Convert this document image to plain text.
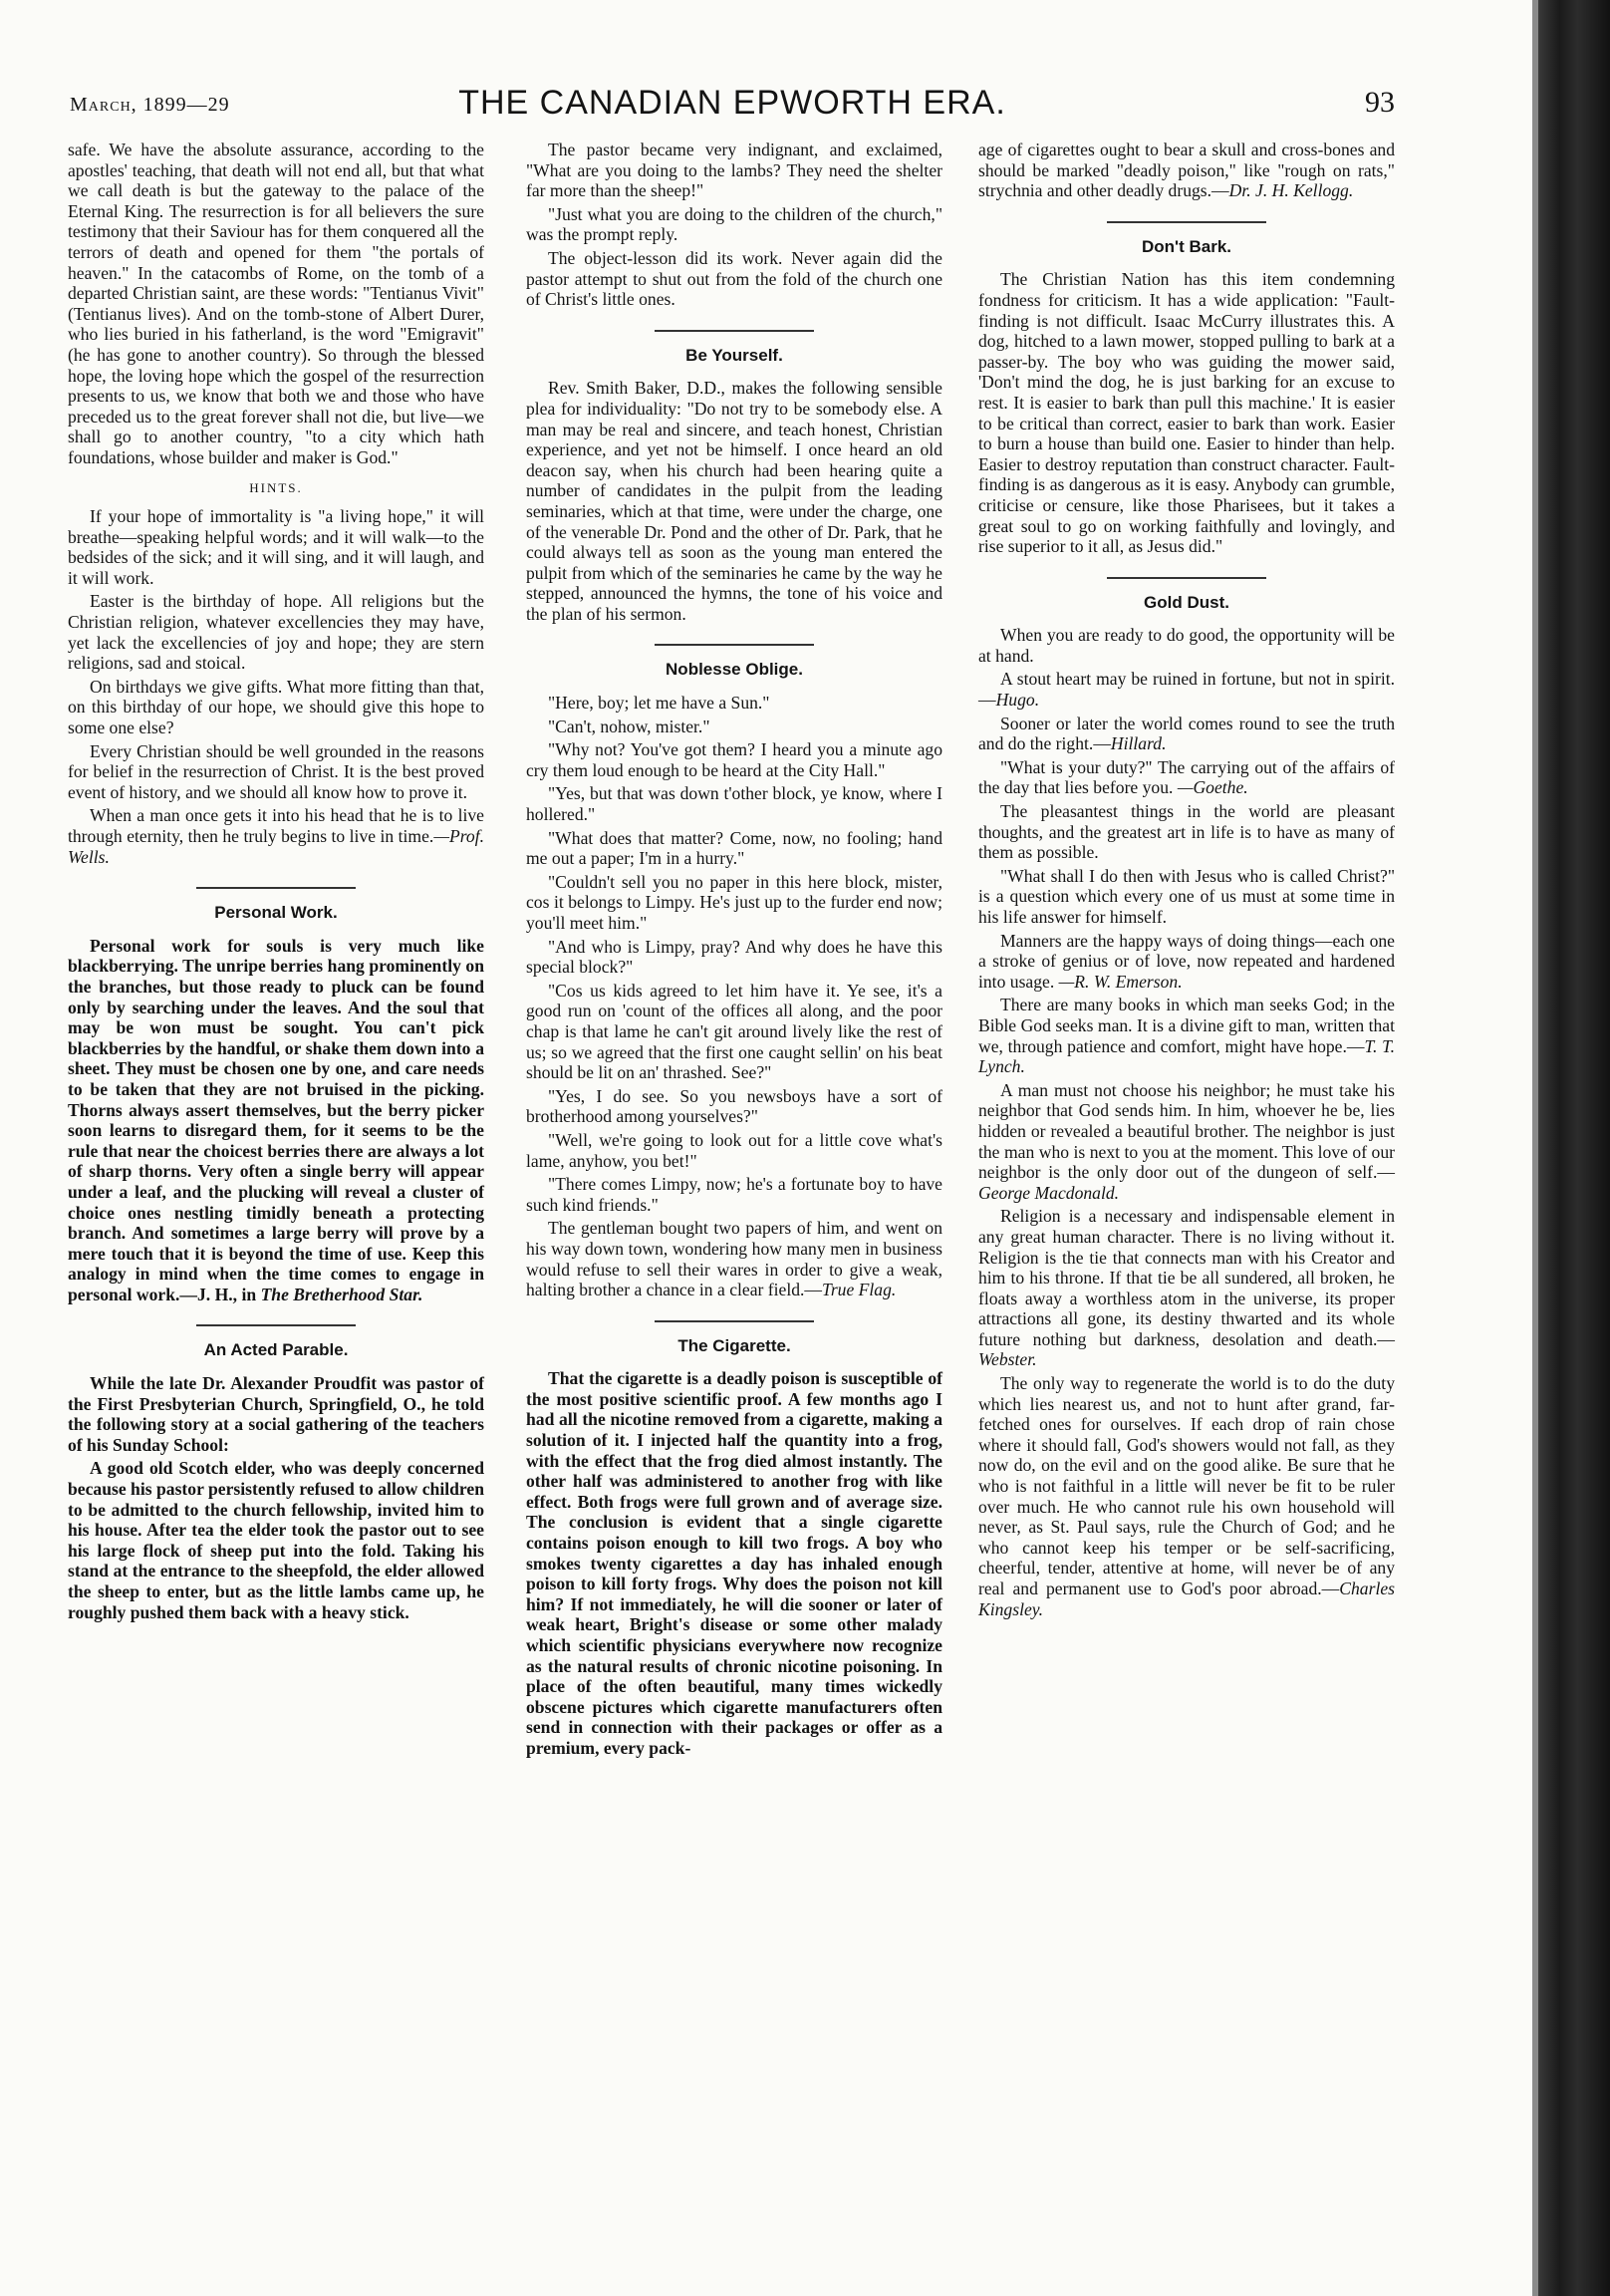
March, 1899—29	THE CANADIAN EPWORTH ERA.	93

safe. We have the absolute assurance, according to the apostles' teaching, that death will not end all, but that what we call death is but the gateway to the palace of the Eternal King. The resurrection is for all believers the sure testimony that their Saviour has for them conquered all the terrors of death and opened for them "the portals of heaven." In the catacombs of Rome, on the tomb of a departed Christian saint, are these words: "Tentianus Vivit" (Tentianus lives). And on the tomb-stone of Albert Durer, who lies buried in his fatherland, is the word "Emigravit" (he has gone to another country). So through the blessed hope, the loving hope which the gospel of the resurrection presents to us, we know that both we and those who have preceded us to the great forever shall not die, but live—we shall go to another country, "to a city which hath foundations, whose builder and maker is God."

HINTS.

If your hope of immortality is "a living hope," it will breathe—speaking helpful words; and it will walk—to the bedsides of the sick; and it will sing, and it will laugh, and it will work.

Easter is the birthday of hope. All religions but the Christian religion, whatever excellencies they may have, yet lack the excellencies of joy and hope; they are stern religions, sad and stoical.

On birthdays we give gifts. What more fitting than that, on this birthday of our hope, we should give this hope to some one else?

Every Christian should be well grounded in the reasons for belief in the resurrection of Christ. It is the best proved event of history, and we should all know how to prove it.

When a man once gets it into his head that he is to live through eternity, then he truly begins to live in time.—Prof. Wells.

Personal Work.

Personal work for souls is very much like blackberrying. The unripe berries hang prominently on the branches, but those ready to pluck can be found only by searching under the leaves. And the soul that may be won must be sought. You can't pick blackberries by the handful, or shake them down into a sheet. They must be chosen one by one, and care needs to be taken that they are not bruised in the picking. Thorns always assert themselves, but the berry picker soon learns to disregard them, for it seems to be the rule that near the choicest berries there are always a lot of sharp thorns. Very often a single berry will appear under a leaf, and the plucking will reveal a cluster of choice ones nestling timidly beneath a protecting branch. And sometimes a large berry will prove by a mere touch that it is beyond the time of use. Keep this analogy in mind when the time comes to engage in personal work.—J. H., in The Bretherhood Star.

An Acted Parable.

While the late Dr. Alexander Proudfit was pastor of the First Presbyterian Church, Springfield, O., he told the following story at a social gathering of the teachers of his Sunday School:

A good old Scotch elder, who was deeply concerned because his pastor persistently refused to allow children to be admitted to the church fellowship, invited him to his house. After tea the elder took the pastor out to see his large flock of sheep put into the fold. Taking his stand at the entrance to the sheepfold, the elder allowed the sheep to enter, but as the little lambs came up, he roughly pushed them back with a heavy stick.

The pastor became very indignant, and exclaimed, "What are you doing to the lambs? They need the shelter far more than the sheep!"

"Just what you are doing to the children of the church," was the prompt reply.

The object-lesson did its work. Never again did the pastor attempt to shut out from the fold of the church one of Christ's little ones.

Be Yourself.

Rev. Smith Baker, D.D., makes the following sensible plea for individuality: "Do not try to be somebody else. A man may be real and sincere, and teach honest, Christian experience, and yet not be himself. I once heard an old deacon say, when his church had been hearing quite a number of candidates in the pulpit from the leading seminaries, which at that time, were under the charge, one of the venerable Dr. Pond and the other of Dr. Park, that he could always tell as soon as the young man entered the pulpit from which of the seminaries he came by the way he stepped, announced the hymns, the tone of his voice and the plan of his sermon.

Noblesse Oblige.

"Here, boy; let me have a Sun."

"Can't, nohow, mister."

"Why not? You've got them? I heard you a minute ago cry them loud enough to be heard at the City Hall."

"Yes, but that was down t'other block, ye know, where I hollered."

"What does that matter? Come, now, no fooling; hand me out a paper; I'm in a hurry."

"Couldn't sell you no paper in this here block, mister, cos it belongs to Limpy. He's just up to the furder end now; you'll meet him."

"And who is Limpy, pray? And why does he have this special block?"

"Cos us kids agreed to let him have it. Ye see, it's a good run on 'count of the offices all along, and the poor chap is that lame he can't git around lively like the rest of us; so we agreed that the first one caught sellin' on his beat should be lit on an' thrashed. See?"

"Yes, I do see. So you newsboys have a sort of brotherhood among yourselves?"

"Well, we're going to look out for a little cove what's lame, anyhow, you bet!"

"There comes Limpy, now; he's a fortunate boy to have such kind friends."

The gentleman bought two papers of him, and went on his way down town, wondering how many men in business would refuse to sell their wares in order to give a weak, halting brother a chance in a clear field.—True Flag.

The Cigarette.

That the cigarette is a deadly poison is susceptible of the most positive scientific proof. A few months ago I had all the nicotine removed from a cigarette, making a solution of it. I injected half the quantity into a frog, with the effect that the frog died almost instantly. The other half was administered to another frog with like effect. Both frogs were full grown and of average size. The conclusion is evident that a single cigarette contains poison enough to kill two frogs. A boy who smokes twenty cigarettes a day has inhaled enough poison to kill forty frogs. Why does the poison not kill him? If not immediately, he will die sooner or later of weak heart, Bright's disease or some other malady which scientific physicians everywhere now recognize as the natural results of chronic nicotine poisoning. In place of the often beautiful, many times wickedly obscene pictures which cigarette manufacturers often send in connection with their packages or offer as a premium, every pack-

age of cigarettes ought to bear a skull and cross-bones and should be marked "deadly poison," like "rough on rats," strychnia and other deadly drugs.—Dr. J. H. Kellogg.

Don't Bark.

The Christian Nation has this item condemning fondness for criticism. It has a wide application: "Fault-finding is not difficult. Isaac McCurry illustrates this. A dog, hitched to a lawn mower, stopped pulling to bark at a passer-by. The boy who was guiding the mower said, 'Don't mind the dog, he is just barking for an excuse to rest. It is easier to bark than pull this machine.' It is easier to be critical than correct, easier to bark than work. Easier to burn a house than build one. Easier to hinder than help. Easier to destroy reputation than construct character. Fault-finding is as dangerous as it is easy. Anybody can grumble, criticise or censure, like those Pharisees, but it takes a great soul to go on working faithfully and lovingly, and rise superior to it all, as Jesus did."

Gold Dust.

When you are ready to do good, the opportunity will be at hand.

A stout heart may be ruined in fortune, but not in spirit.—Hugo.

Sooner or later the world comes round to see the truth and do the right.—Hillard.

"What is your duty?" The carrying out of the affairs of the day that lies before you. —Goethe.

The pleasantest things in the world are pleasant thoughts, and the greatest art in life is to have as many of them as possible.

"What shall I do then with Jesus who is called Christ?" is a question which every one of us must at some time in his life answer for himself.

Manners are the happy ways of doing things—each one a stroke of genius or of love, now repeated and hardened into usage. —R. W. Emerson.

There are many books in which man seeks God; in the Bible God seeks man. It is a divine gift to man, written that we, through patience and comfort, might have hope.—T. T. Lynch.

A man must not choose his neighbor; he must take his neighbor that God sends him. In him, whoever he be, lies hidden or revealed a beautiful brother. The neighbor is just the man who is next to you at the moment. This love of our neighbor is the only door out of the dungeon of self.—George Macdonald.

Religion is a necessary and indispensable element in any great human character. There is no living without it. Religion is the tie that connects man with his Creator and him to his throne. If that tie be all sundered, all broken, he floats away a worthless atom in the universe, its proper attractions all gone, its destiny thwarted and its whole future nothing but darkness, desolation and death.—Webster.

The only way to regenerate the world is to do the duty which lies nearest us, and not to hunt after grand, far-fetched ones for ourselves. If each drop of rain chose where it should fall, God's showers would not fall, as they now do, on the evil and on the good alike. Be sure that he who is not faithful in a little will never be fit to be ruler over much. He who cannot rule his own household will never, as St. Paul says, rule the Church of God; and he who cannot keep his temper or be self-sacrificing, cheerful, tender, attentive at home, will never be of any real and permanent use to God's poor abroad.—Charles Kingsley.
